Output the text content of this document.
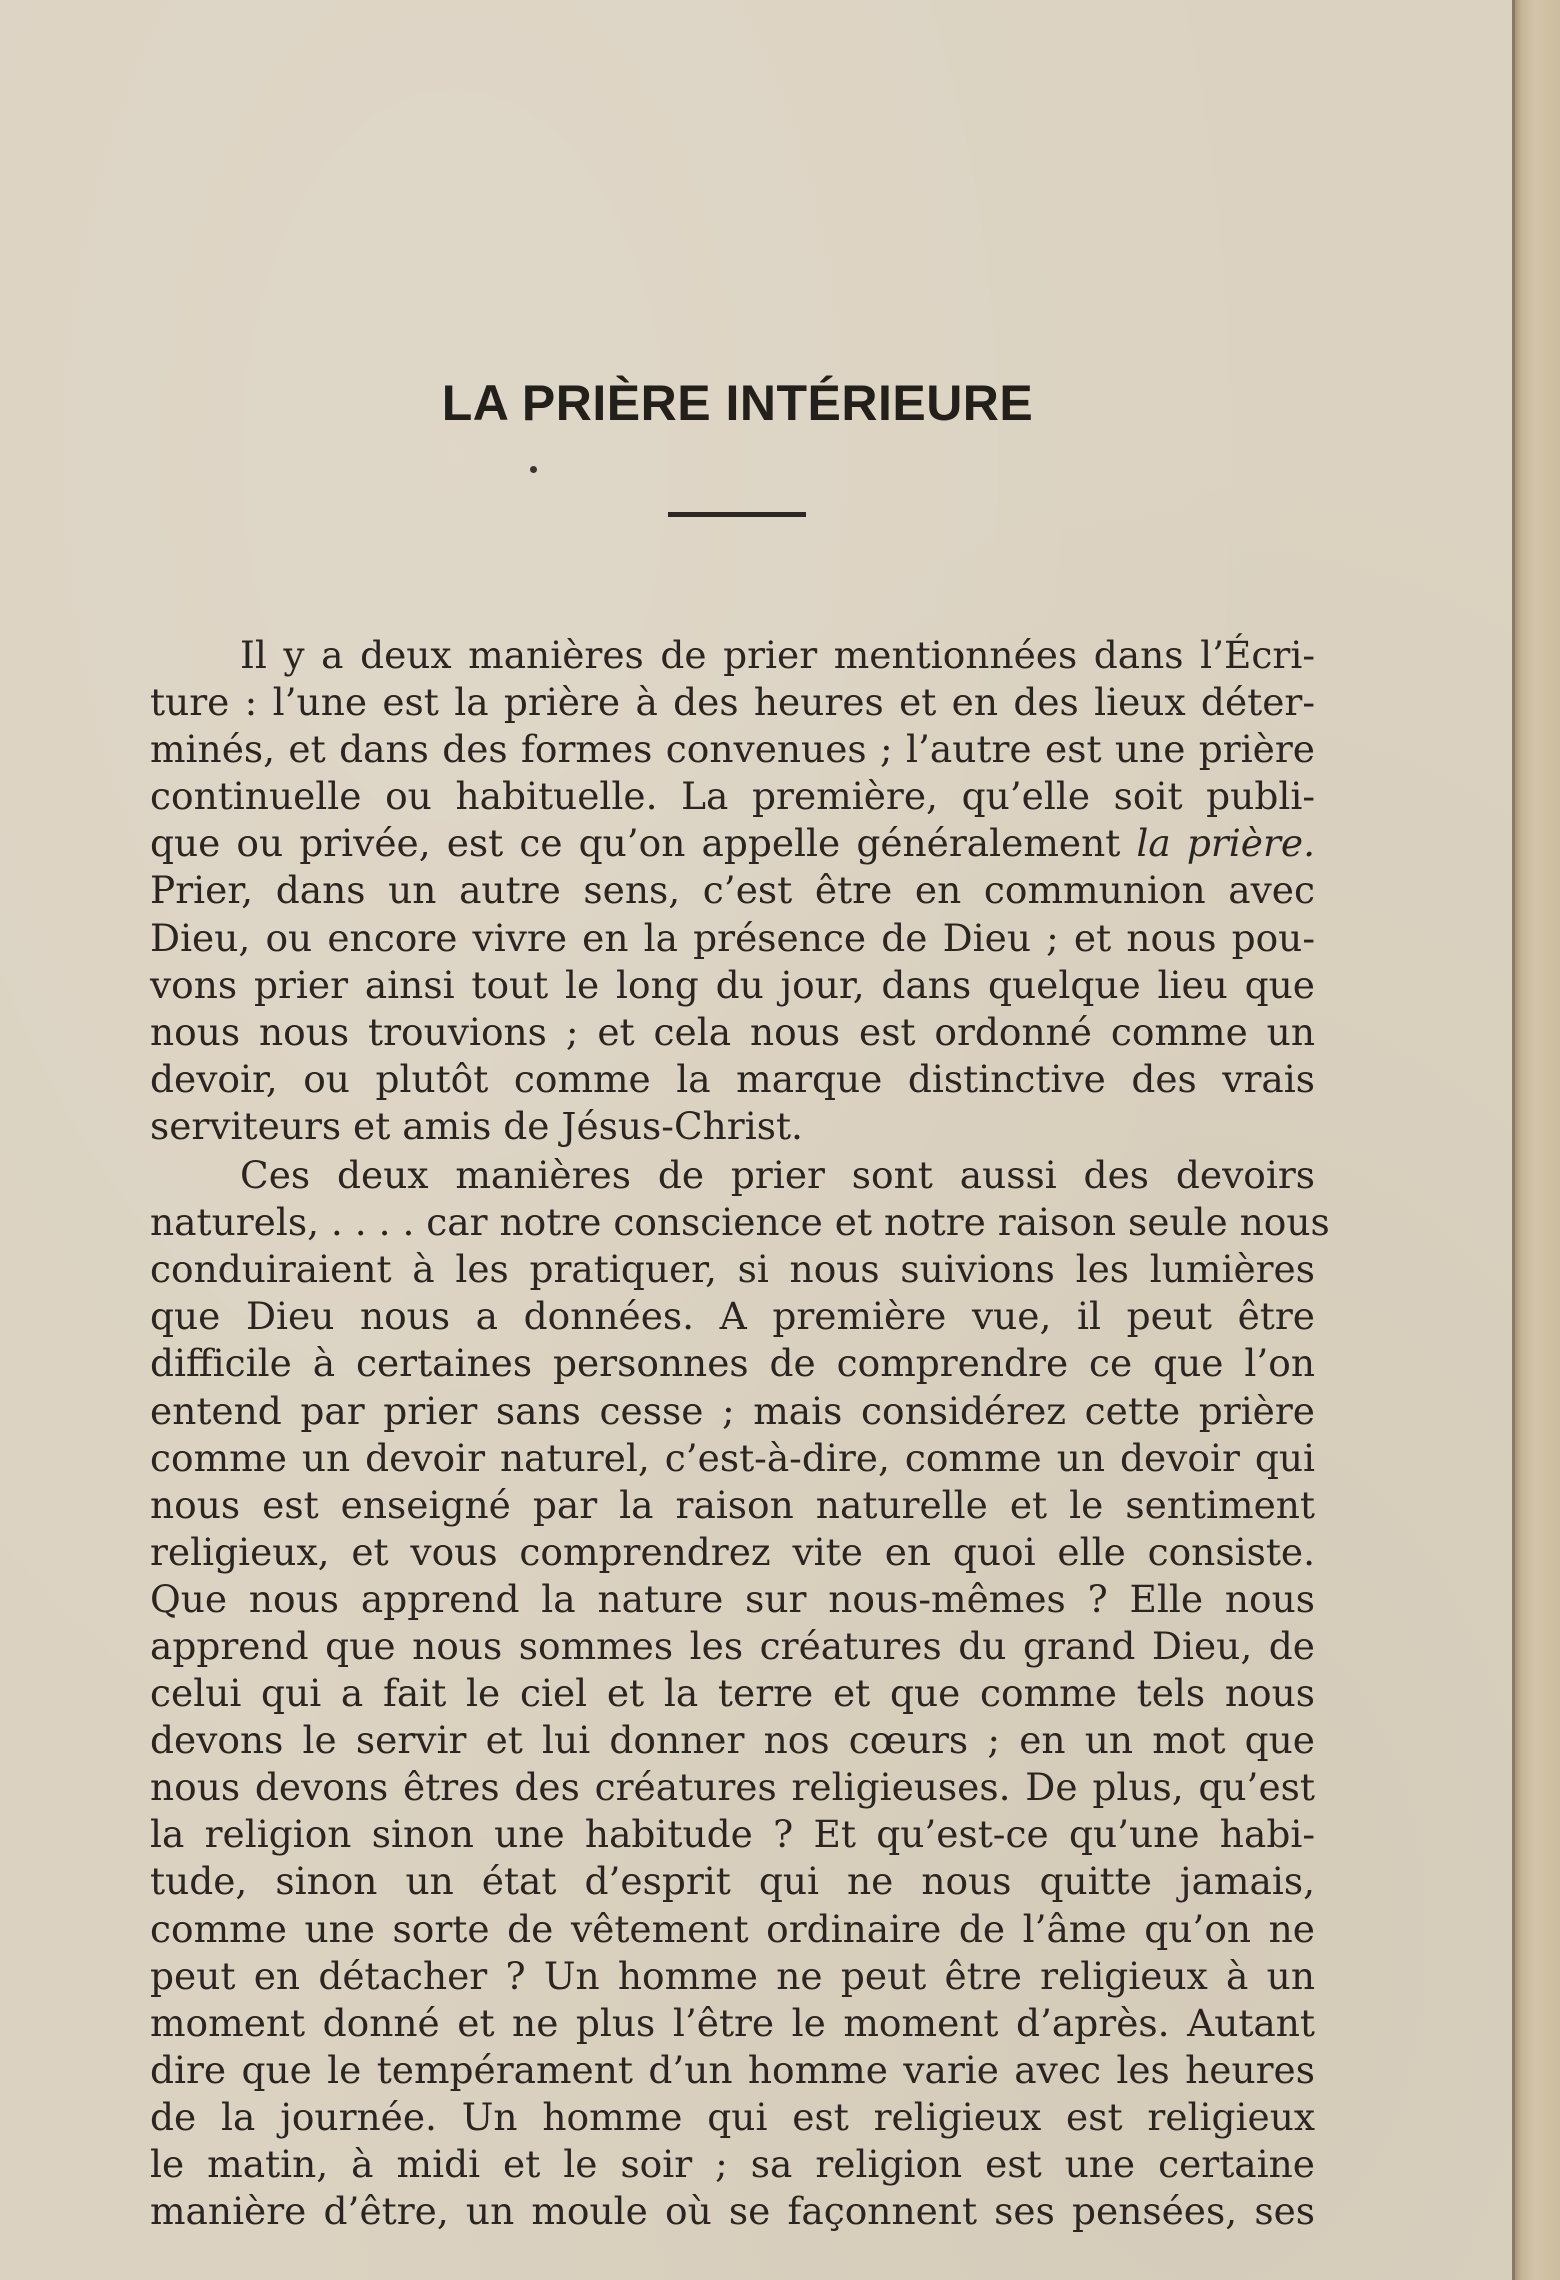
LA PRIÈRE INTÉRIEURE
Il y a deux manières de prier mentionnées dans l’Écri-
ture : l’une est la prière à des heures et en des lieux déter-
minés, et dans des formes convenues ; l’autre est une prière
continuelle ou habituelle. La première, qu’elle soit publi-
que ou privée, est ce qu’on appelle généralement la prière.
Prier, dans un autre sens, c’est être en communion avec
Dieu, ou encore vivre en la présence de Dieu ; et nous pou-
vons prier ainsi tout le long du jour, dans quelque lieu que
nous nous trouvions ; et cela nous est ordonné comme un
devoir, ou plutôt comme la marque distinctive des vrais
serviteurs et amis de Jésus-Christ.
Ces deux manières de prier sont aussi des devoirs
naturels, . . . . car notre conscience et notre raison seule nous
conduiraient à les pratiquer, si nous suivions les lumières
que Dieu nous a données. A première vue, il peut être
difficile à certaines personnes de comprendre ce que l’on
entend par prier sans cesse ; mais considérez cette prière
comme un devoir naturel, c’est-à-dire, comme un devoir qui
nous est enseigné par la raison naturelle et le sentiment
religieux, et vous comprendrez vite en quoi elle consiste.
Que nous apprend la nature sur nous-mêmes ? Elle nous
apprend que nous sommes les créatures du grand Dieu, de
celui qui a fait le ciel et la terre et que comme tels nous
devons le servir et lui donner nos cœurs ; en un mot que
nous devons êtres des créatures religieuses. De plus, qu’est
la religion sinon une habitude ? Et qu’est-ce qu’une habi-
tude, sinon un état d’esprit qui ne nous quitte jamais,
comme une sorte de vêtement ordinaire de l’âme qu’on ne
peut en détacher ? Un homme ne peut être religieux à un
moment donné et ne plus l’être le moment d’après. Autant
dire que le tempérament d’un homme varie avec les heures
de la journée. Un homme qui est religieux est religieux
le matin, à midi et le soir ; sa religion est une certaine
manière d’être, un moule où se façonnent ses pensées, ses
